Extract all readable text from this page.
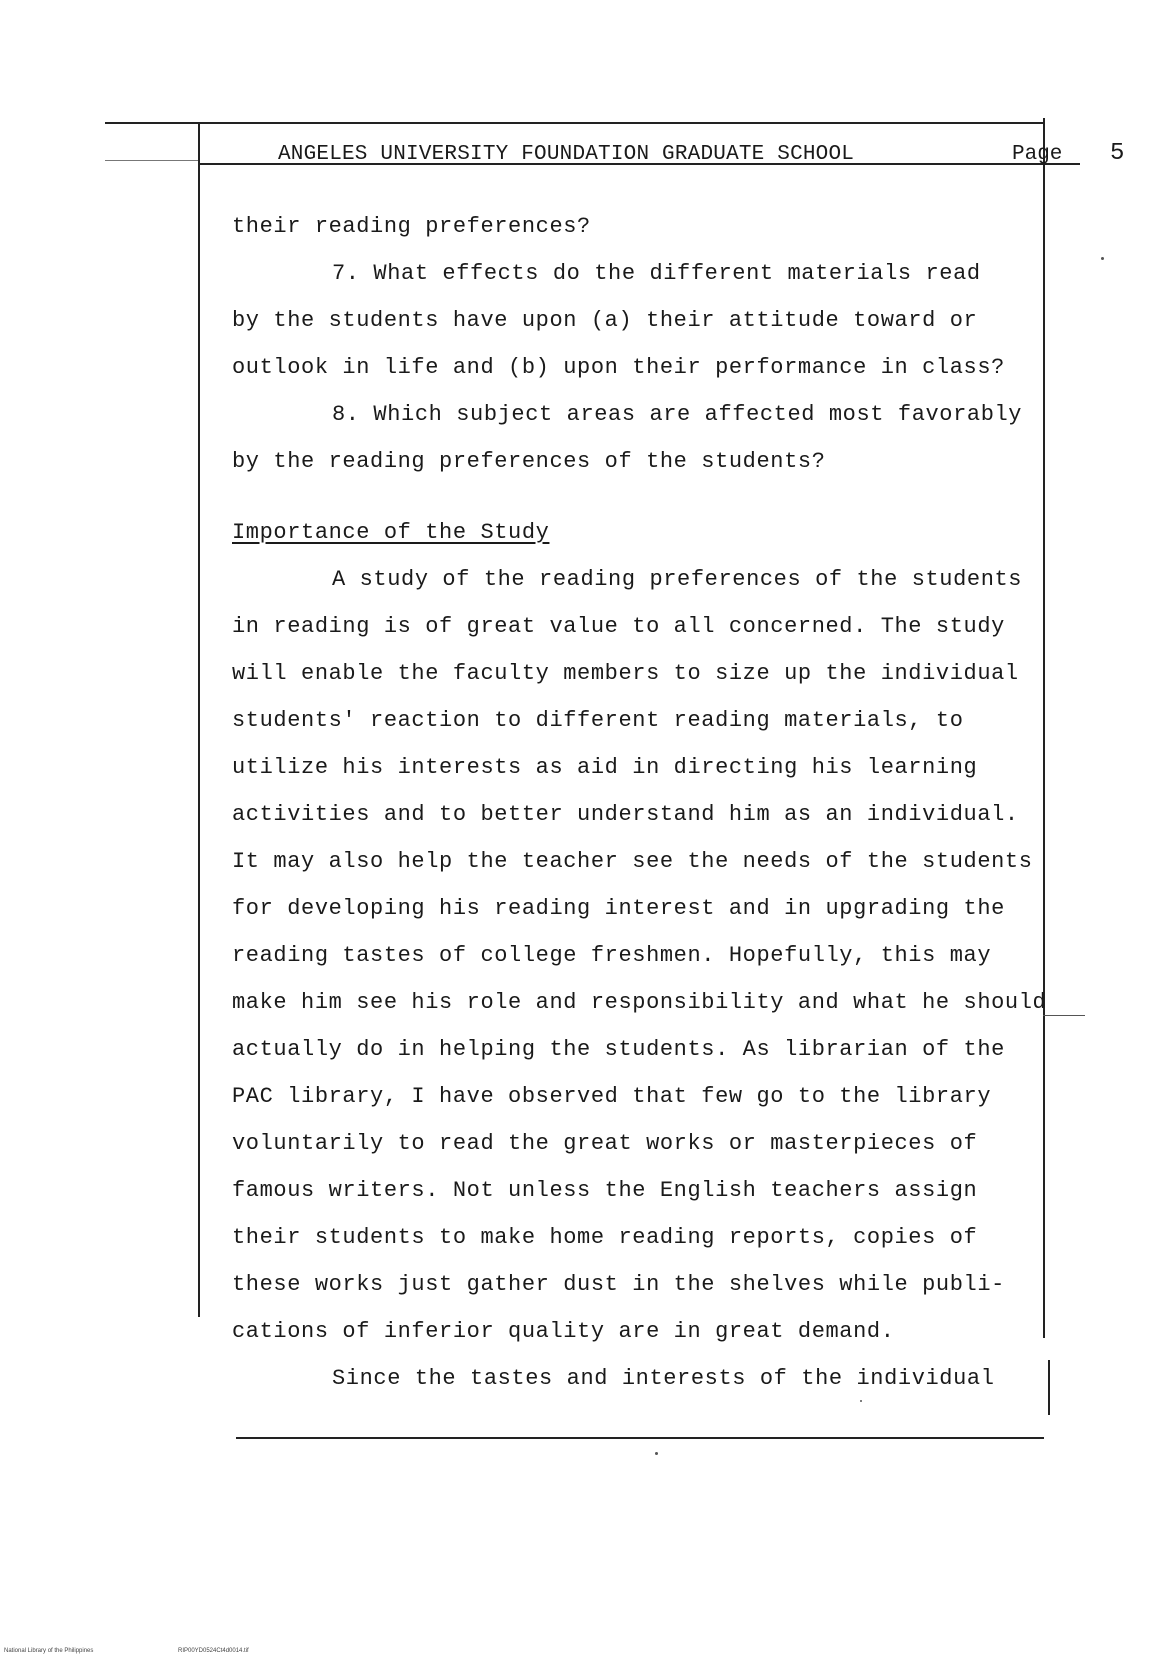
ANGELES UNIVERSITY FOUNDATION GRADUATE SCHOOL	Page 5
their reading preferences?
7. What effects do the different materials read
by the students have upon (a) their attitude toward or
outlook in life and (b) upon their performance in class?
8. Which subject areas are affected most favorably
by the reading preferences of the students?
Importance of the Study
A study of the reading preferences of the students
in reading is of great value to all concerned. The study
will enable the faculty members to size up the individual
students' reaction to different reading materials, to
utilize his interests as aid in directing his learning
activities and to better understand him as an individual.
It may also help the teacher see the needs of the students
for developing his reading interest and in upgrading the
reading tastes of college freshmen. Hopefully, this may
make him see his role and responsibility and what he should
actually do in helping the students. As librarian of the
PAC library, I have observed that few go to the library
voluntarily to read the great works or masterpieces of
famous writers. Not unless the English teachers assign
their students to make home reading reports, copies of
these works just gather dust in the shelves while publi-
cations of inferior quality are in great demand.
Since the tastes and interests of the individual
National Library of the Philippines	RIP00YD0524Ct4d0014.tif
